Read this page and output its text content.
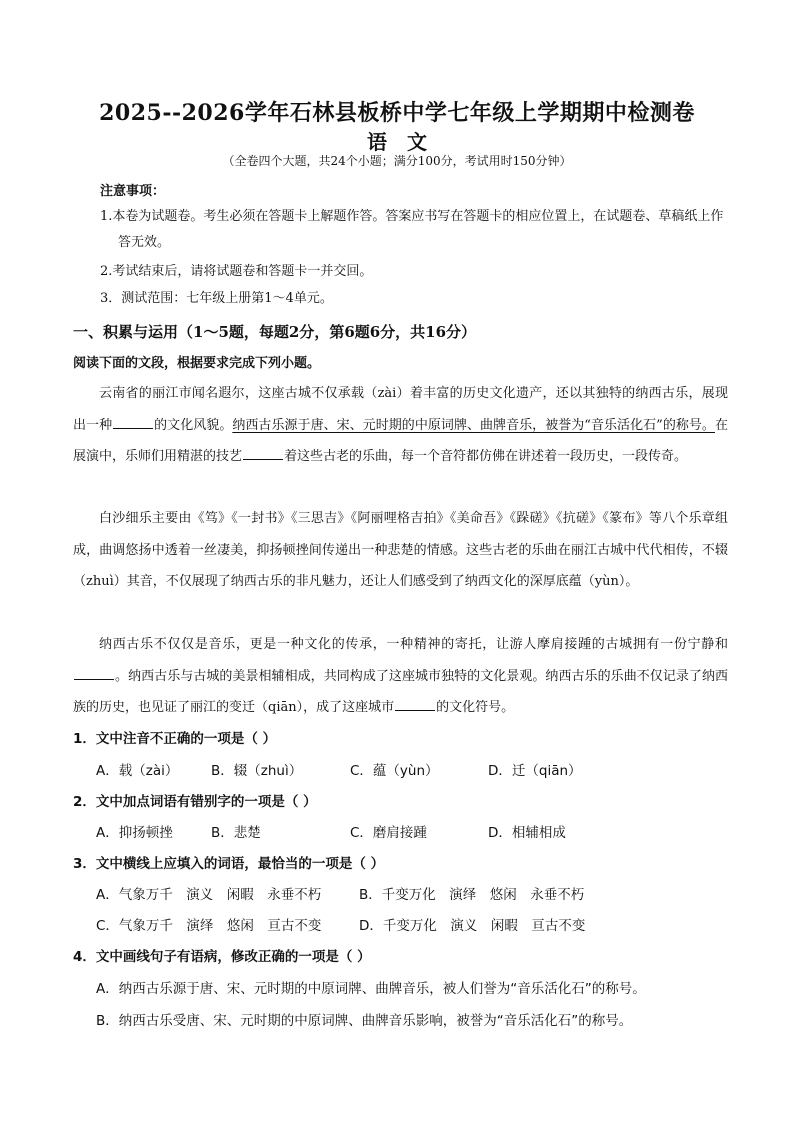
2025--2026学年石林县板桥中学七年级上学期期中检测卷
语　文
（全卷四个大题，共24个小题；满分100分，考试用时150分钟）
注意事项：
1.本卷为试题卷。考生必须在答题卡上解题作答。答案应书写在答题卡的相应位置上，在试题卷、草稿纸上作答无效。
2.考试结束后，请将试题卷和答题卡一并交回。
3．测试范围：七年级上册第1～4单元。
一、积累与运用（1～5题，每题2分，第6题6分，共16分）
阅读下面的文段，根据要求完成下列小题。
云南省的丽江市闻名遐尔，这座古城不仅承载（zài）着丰富的历史文化遗产，还以其独特的纳西古乐，展现出一种	的文化风貌。纳西古乐源于唐、宋、元时期的中原词牌、曲牌音乐，被誉为“音乐活化石”的称号。在展演中，乐师们用精湛的技艺	着这些古老的乐曲，每一个音符都仿佛在讲述着一段历史，一段传奇。
白沙细乐主要由《笃》《一封书》《三思吉》《阿丽哩格吉拍》《美命吾》《跺磋》《抗磋》《篆布》等八个乐章组成，曲调悠扬中透着一丝凄美，抑扬顿挫间传递出一种悲楚的情感。这些古老的乐曲在丽江古城中代代相传，不辍（zhuì）其音，不仅展现了纳西古乐的非凡魅力，还让人们感受到了纳西文化的深厚底蕴（yùn）。
纳西古乐不仅仅是音乐，更是一种文化的传承，一种精神的寄托，让游人摩肩接踵的古城拥有一份宁静和。纳西古乐与古城的美景相辅相成，共同构成了这座城市独特的文化景观。纳西古乐的乐曲不仅记录了纳西族的历史，也见证了丽江的变迁（qiān），成了这座城市	的文化符号。
1．文中注音不正确的一项是（ ）
A．载（zài） B．辍（zhuì）	C．蕴（yùn）	D．迁（qiān）
2．文中加点词语有错别字的一项是（ ）
A．抑扬顿挫	B．悲楚	C．磨肩接踵	D．相辅相成
3．文中横线上应填入的词语，最恰当的一项是（ ）
A．气象万千　演义　闲暇　永垂不朽	B．千变万化　演绎　悠闲　永垂不朽
C．气象万千　演绎　悠闲　亘古不变	D．千变万化　演义　闲暇　亘古不变
4．文中画线句子有语病，修改正确的一项是（ ）
A．纳西古乐源于唐、宋、元时期的中原词牌、曲牌音乐，被人们誉为“音乐活化石”的称号。
B．纳西古乐受唐、宋、元时期的中原词牌、曲牌音乐影响，被誉为“音乐活化石”的称号。
